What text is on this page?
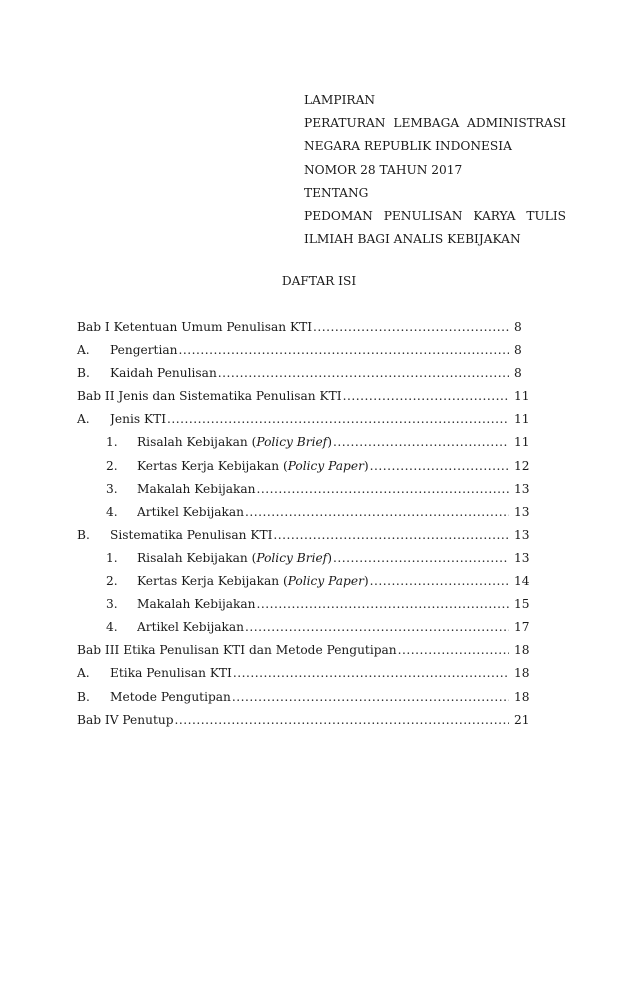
LAMPIRAN
PERATURAN LEMBAGA ADMINISTRASI
NEGARA REPUBLIK INDONESIA
NOMOR 28 TAHUN 2017
TENTANG
PEDOMAN PENULISAN KARYA TULIS
ILMIAH BAGI ANALIS KEBIJAKAN
DAFTAR ISI
Bab I Ketentuan Umum Penulisan KTI .....	8
A. Pengertian .....	8
B. Kaidah Penulisan .....	8
Bab II Jenis dan Sistematika Penulisan KTI .....	11
A. Jenis KTI .....	11
1. Risalah Kebijakan (Policy Brief) .....	11
2. Kertas Kerja Kebijakan (Policy Paper) .....	12
3. Makalah Kebijakan .....	13
4. Artikel Kebijakan .....	13
B. Sistematika Penulisan KTI .....	13
1. Risalah Kebijakan (Policy Brief) .....	13
2. Kertas Kerja Kebijakan (Policy Paper) .....	14
3. Makalah Kebijakan .....	15
4. Artikel Kebijakan .....	17
Bab III Etika Penulisan KTI dan Metode Pengutipan .....	18
A. Etika Penulisan KTI .....	18
B. Metode Pengutipan .....	18
Bab IV Penutup .....	21
